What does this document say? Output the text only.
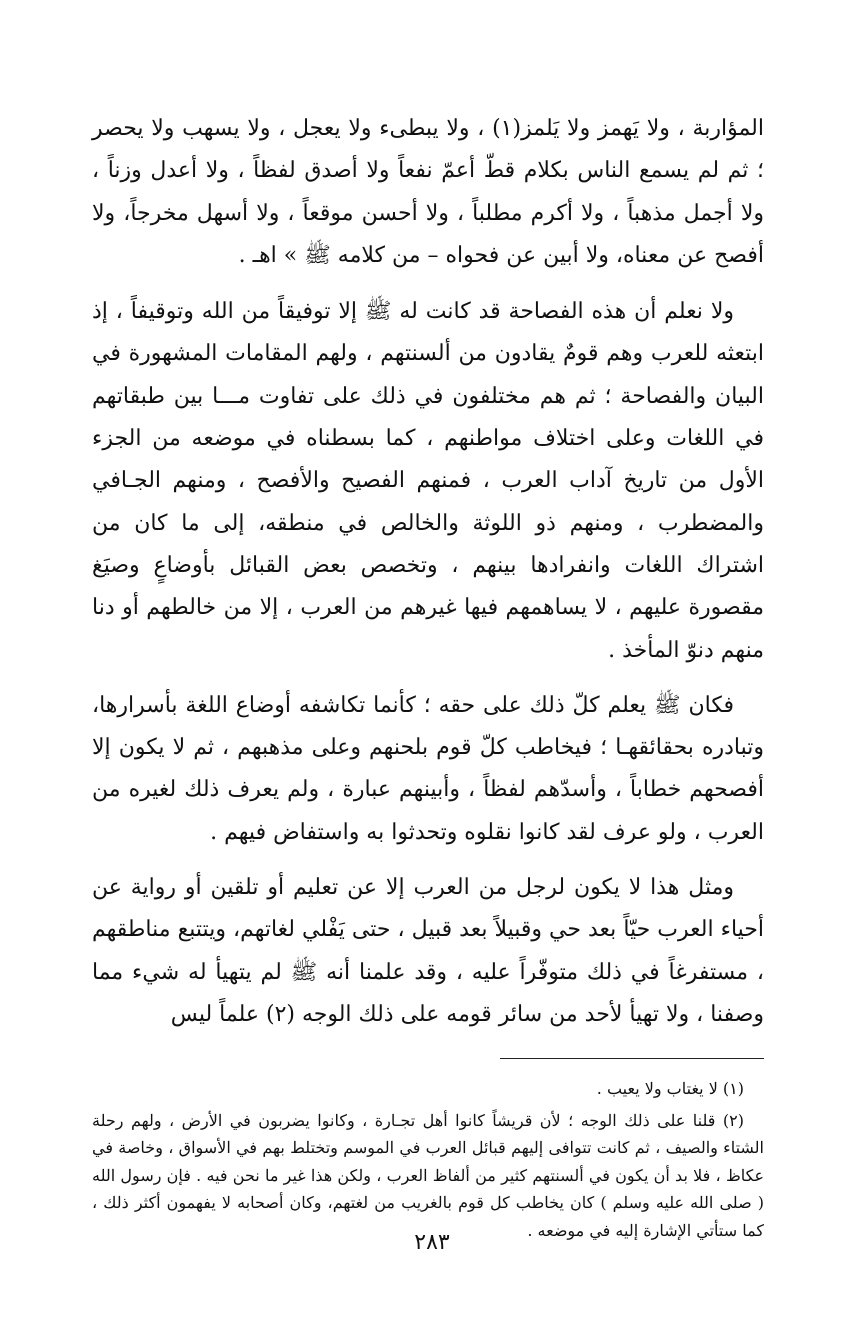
المؤاربة ، ولا يَهمز ولا يَلمز(١) ، ولا يبطىء ولا يعجل ، ولا يسهب ولا يحصر ؛ ثم لم يسمع الناس بكلام قطّ أعمّ نفعاً ولا أصدق لفظاً ، ولا أعدل وزناً ، ولا أجمل مذهباً ، ولا أكرم مطلباً ، ولا أحسن موقعاً ، ولا أسهل مخرجاً، ولا أفصح عن معناه، ولا أبين عن فحواه – من كلامه ﷺ » اهـ .

ولا نعلم أن هذه الفصاحة قد كانت له ﷺ إلا توفيقاً من الله وتوقيفاً ، إذ ابتعثه للعرب وهم قومٌ يقادون من ألسنتهم ، ولهم المقامات المشهورة في البيان والفصاحة ؛ ثم هم مختلفون في ذلك على تفاوت مـــا بين طبقاتهم في اللغات وعلى اختلاف مواطنهم ، كما بسطناه في موضعه من الجزء الأول من تاريخ آداب العرب ، فمنهم الفصيح والأفصح ، ومنهم الجـافي والمضطرب ، ومنهم ذو اللوثة والخالص في منطقه، إلى ما كان من اشتراك اللغات وانفرادها بينهم ، وتخصص بعض القبائل بأوضاعٍ وصيَغ مقصورة عليهم ، لا يساهمهم فيها غيرهم من العرب ، إلا من خالطهم أو دنا منهم دنوّ المأخذ .

فكان ﷺ يعلم كلّ ذلك على حقه ؛ كأنما تكاشفه أوضاع اللغة بأسرارها، وتبادره بحقائقهـا ؛ فيخاطب كلّ قوم بلحنهم وعلى مذهبهم ، ثم لا يكون إلا أفصحهم خطاباً ، وأسدّهم لفظاً ، وأبينهم عبارة ، ولم يعرف ذلك لغيره من العرب ، ولو عرف لقد كانوا نقلوه وتحدثوا به واستفاض فيهم .

ومثل هذا لا يكون لرجل من العرب إلا عن تعليم أو تلقين أو رواية عن أحياء العرب حيّاً بعد حي وقبيلاً بعد قبيل ، حتى يَفْلي لغاتهم، ويتتبع مناطقهم ، مستفرغاً في ذلك متوفّراً عليه ، وقد علمنا أنه ﷺ لم يتهيأ له شيء مما وصفنا ، ولا تهيأ لأحد من سائر قومه على ذلك الوجه (٢) علماً ليس

(١) لا يغتاب ولا يعيب .

(٢) قلنا على ذلك الوجه ؛ لأن قريشاً كانوا أهل تجـارة ، وكانوا يضربون في الأرض ، ولهم رحلة الشتاء والصيف ، ثم كانت تتوافى إليهم قبائل العرب في الموسم وتختلط بهم في الأسواق ، وخاصة في عكاظ ، فلا بد أن يكون في ألسنتهم كثير من ألفاظ العرب ، ولكن هذا غير ما نحن فيه . فإن رسول الله ( صلى الله عليه وسلم ) كان يخاطب كل قوم بالغريب من لغتهم، وكان أصحابه لا يفهمون أكثر ذلك ، كما ستأتي الإشارة إليه في موضعه .

٢٨٣
